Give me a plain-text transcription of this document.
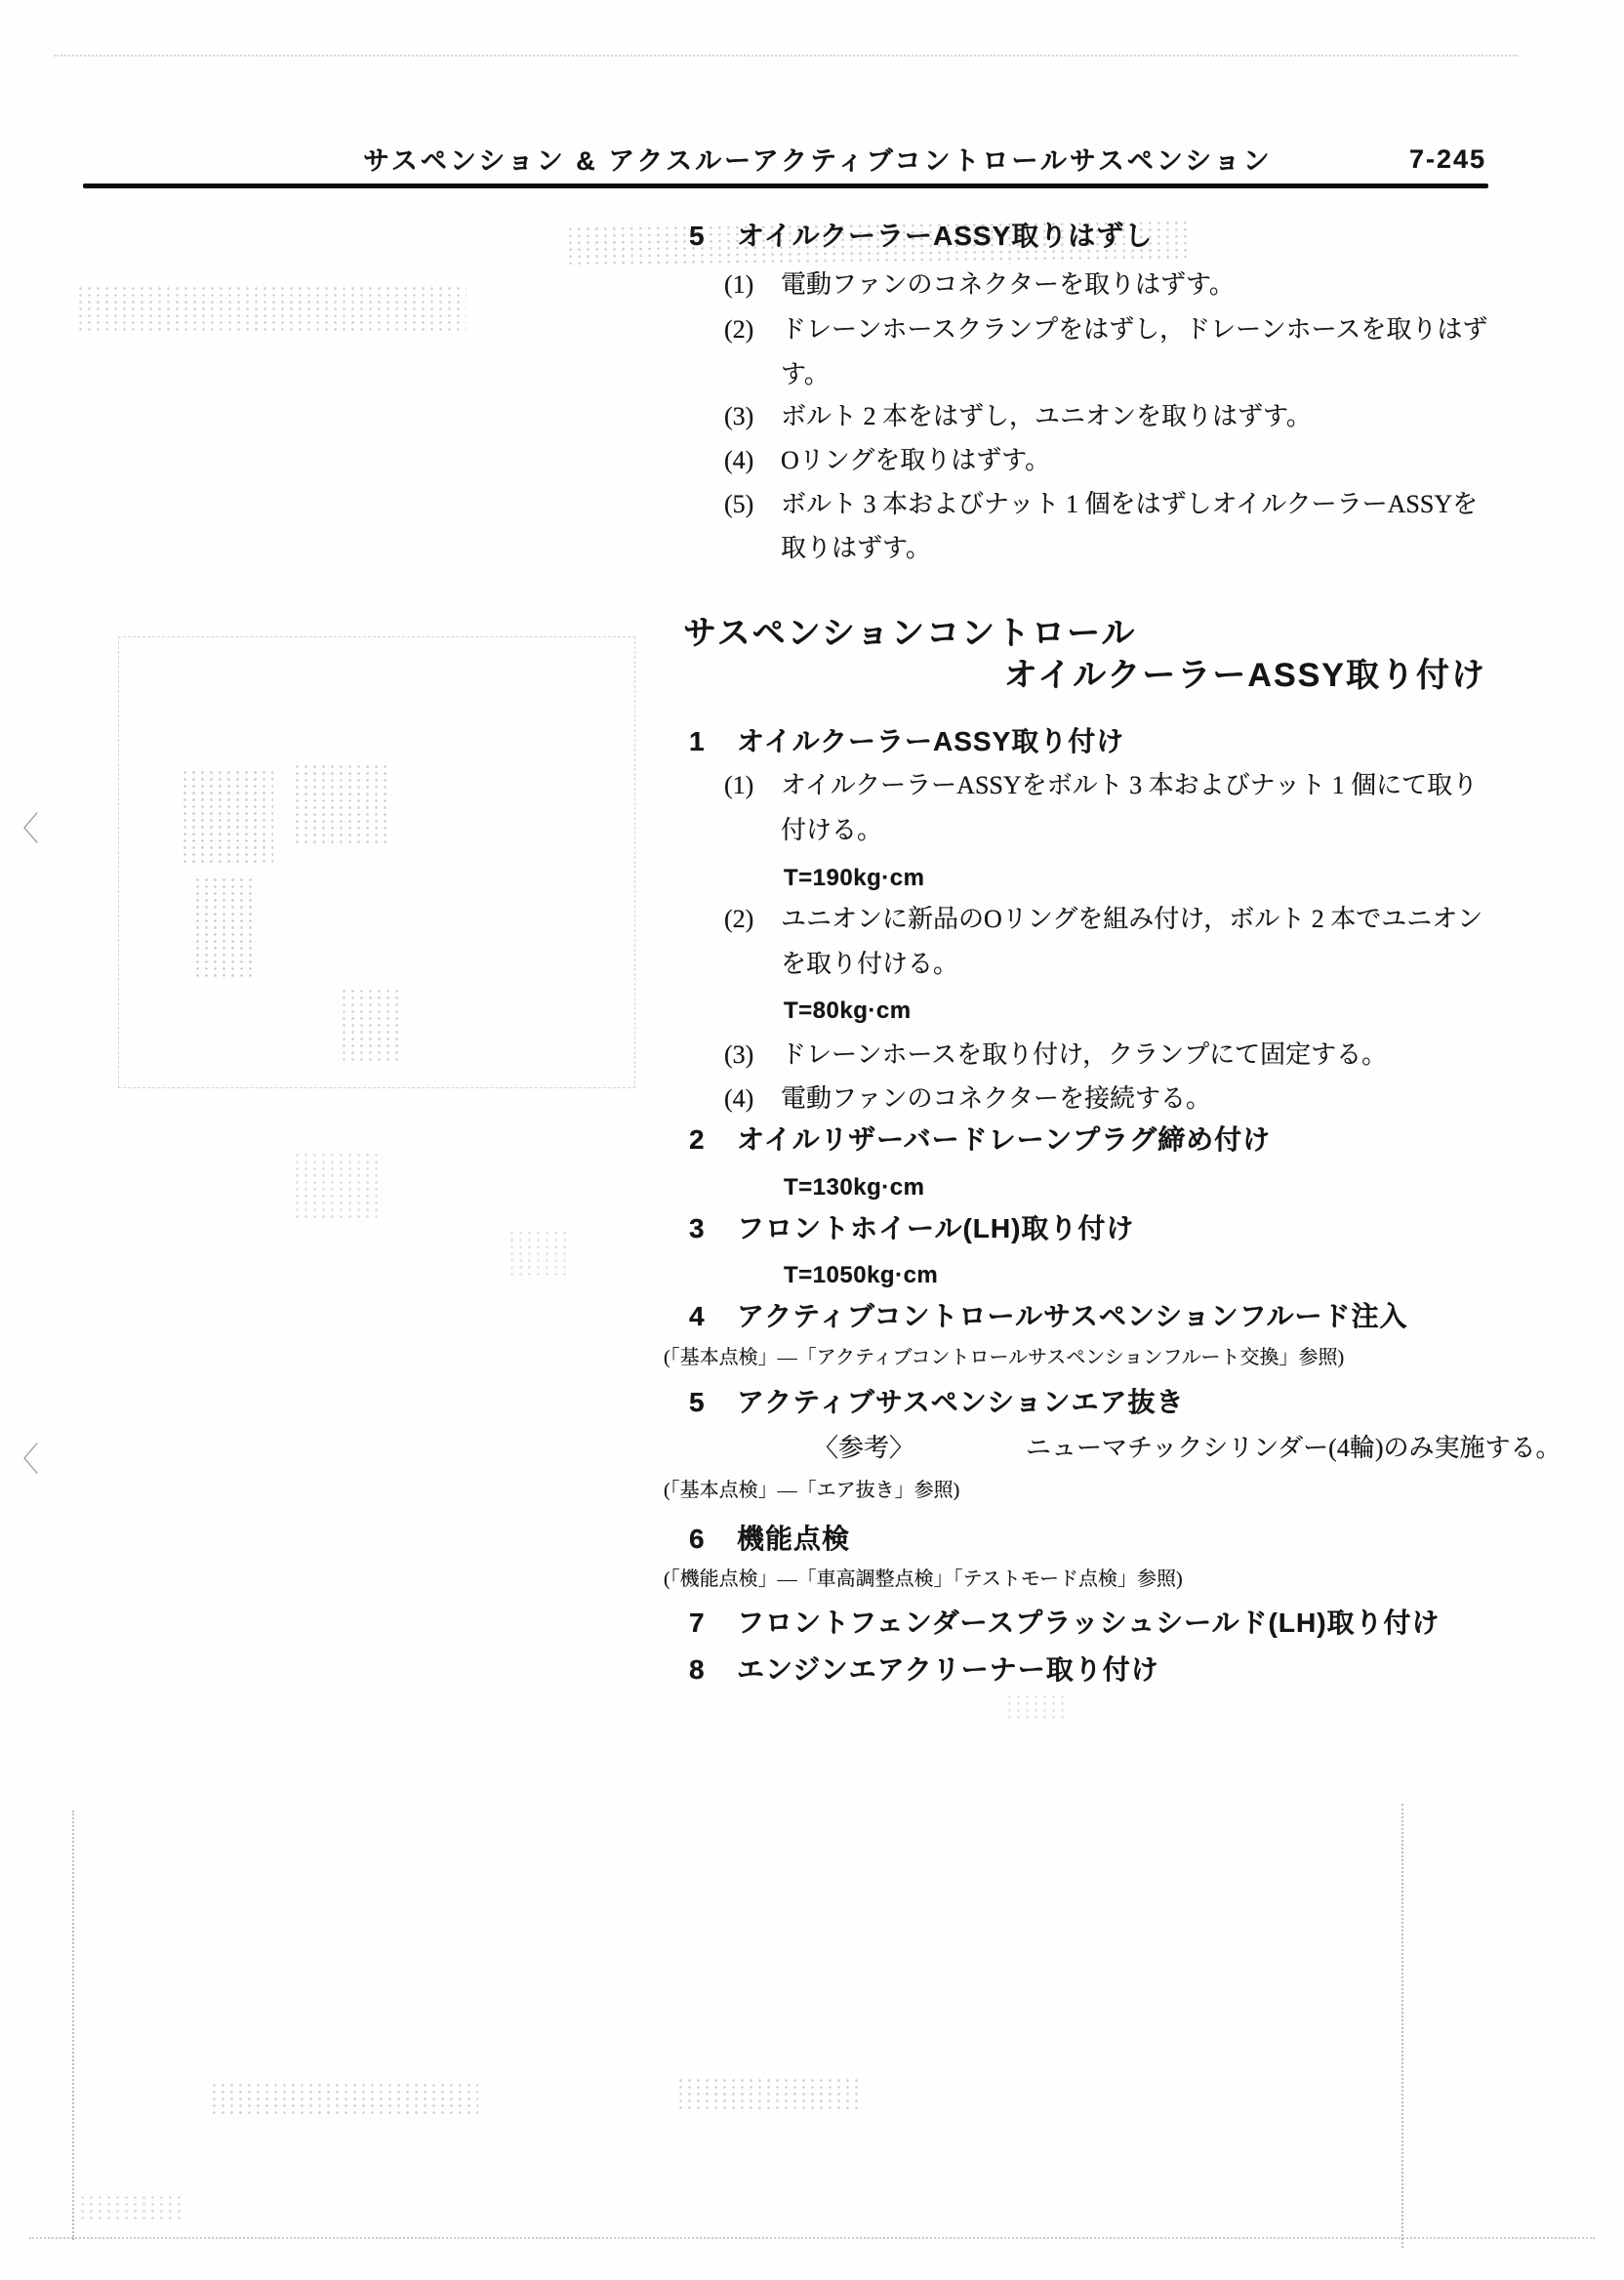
サスペンション & アクスルーアクティブコントロールサスペンション	7-245
5 オイルクーラーASSY取りはずし
(1) 電動ファンのコネクターを取りはずす。
(2) ドレーンホースクランプをはずし，ドレーンホースを取りはず
す。
(3) ボルト 2 本をはずし，ユニオンを取りはずす。
(4) Oリングを取りはずす。
(5) ボルト 3 本およびナット 1 個をはずしオイルクーラーASSYを
取りはずす。
サスペンションコントロール
オイルクーラーASSY取り付け
1 オイルクーラーASSY取り付け
(1) オイルクーラーASSYをボルト 3 本およびナット 1 個にて取り
付ける。
T=190kg·cm
(2) ユニオンに新品のOリングを組み付け，ボルト 2 本でユニオン
を取り付ける。
T=80kg·cm
(3) ドレーンホースを取り付け，クランプにて固定する。
(4) 電動ファンのコネクターを接続する。
2 オイルリザーバードレーンプラグ締め付け
T=130kg·cm
3 フロントホイール(LH)取り付け
T=1050kg·cm
4 アクティブコントロールサスペンションフルード注入
(「基本点検」—「アクティブコントロールサスペンションフルート交換」参照)
5 アクティブサスペンションエア抜き
〈参考〉	ニューマチックシリンダー(4輪)のみ実施する。
(「基本点検」—「エア抜き」参照)
6 機能点検
(「機能点検」—「車高調整点検」「テストモード点検」参照)
7 フロントフェンダースプラッシュシールド(LH)取り付け
8 エンジンエアクリーナー取り付け
〈
〈
